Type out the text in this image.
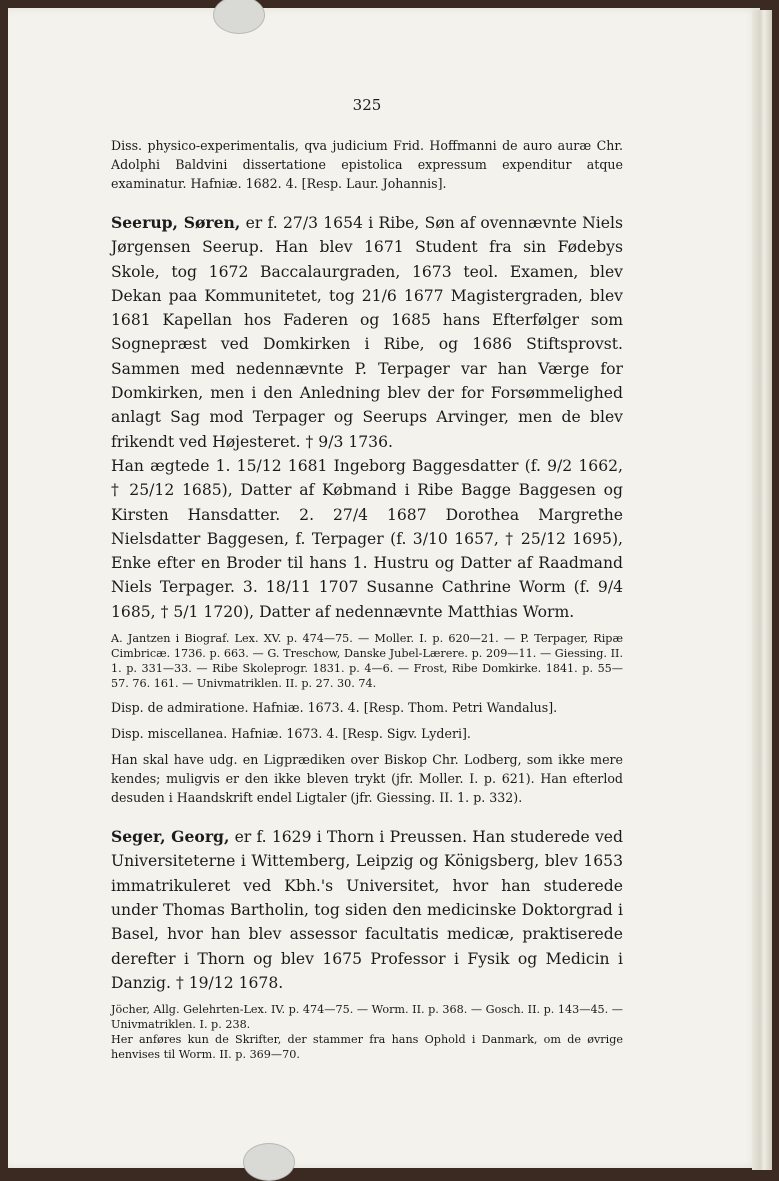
325

Diss. physico-experimentalis, qva judicium Frid. Hoffmanni de auro auræ Chr. Adolphi Baldvini dissertatione epistolica expressum expenditur atque examinatur. Hafniæ. 1682. 4. [Resp. Laur. Johannis].

Seerup, Søren, er f. 27/3 1654 i Ribe, Søn af ovennævnte Niels Jørgensen Seerup. Han blev 1671 Student fra sin Fødebys Skole, tog 1672 Baccalaurgraden, 1673 teol. Examen, blev Dekan paa Kommunitetet, tog 21/6 1677 Magistergraden, blev 1681 Kapellan hos Faderen og 1685 hans Efterfølger som Sognepræst ved Domkirken i Ribe, og 1686 Stiftsprovst. Sammen med nedennævnte P. Terpager var han Værge for Domkirken, men i den Anledning blev der for Forsømmelighed anlagt Sag mod Terpager og Seerups Arvinger, men de blev frikendt ved Højesteret. † 9/3 1736.

Han ægtede 1. 15/12 1681 Ingeborg Baggesdatter (f. 9/2 1662, † 25/12 1685), Datter af Købmand i Ribe Bagge Baggesen og Kirsten Hansdatter. 2. 27/4 1687 Dorothea Margrethe Nielsdatter Baggesen, f. Terpager (f. 3/10 1657, † 25/12 1695), Enke efter en Broder til hans 1. Hustru og Datter af Raadmand Niels Terpager. 3. 18/11 1707 Susanne Cathrine Worm (f. 9/4 1685, † 5/1 1720), Datter af nedennævnte Matthias Worm.

A. Jantzen i Biograf. Lex. XV. p. 474—75. — Moller. I. p. 620—21. — P. Terpager, Ripæ Cimbricæ. 1736. p. 663. — G. Treschow, Danske Jubel-Lærere. p. 209—11. — Giessing. II. 1. p. 331—33. — Ribe Skoleprogr. 1831. p. 4—6. — Frost, Ribe Domkirke. 1841. p. 55—57. 76. 161. — Univmatriklen. II. p. 27. 30. 74.

Disp. de admiratione. Hafniæ. 1673. 4. [Resp. Thom. Petri Wandalus].

Disp. miscellanea. Hafniæ. 1673. 4. [Resp. Sigv. Lyderi].

Han skal have udg. en Ligprædiken over Biskop Chr. Lodberg, som ikke mere kendes; muligvis er den ikke bleven trykt (jfr. Moller. I. p. 621). Han efterlod desuden i Haandskrift endel Ligtaler (jfr. Giessing. II. 1. p. 332).

Seger, Georg, er f. 1629 i Thorn i Preussen. Han studerede ved Universiteterne i Wittemberg, Leipzig og Königsberg, blev 1653 immatrikuleret ved Kbh.'s Universitet, hvor han studerede under Thomas Bartholin, tog siden den medicinske Doktorgrad i Basel, hvor han blev assessor facultatis medicæ, praktiserede derefter i Thorn og blev 1675 Professor i Fysik og Medicin i Danzig. † 19/12 1678.

Jöcher, Allg. Gelehrten-Lex. IV. p. 474—75. — Worm. II. p. 368. — Gosch. II. p. 143—45. — Univmatriklen. I. p. 238.

Her anføres kun de Skrifter, der stammer fra hans Ophold i Danmark, om de øvrige henvises til Worm. II. p. 369—70.
